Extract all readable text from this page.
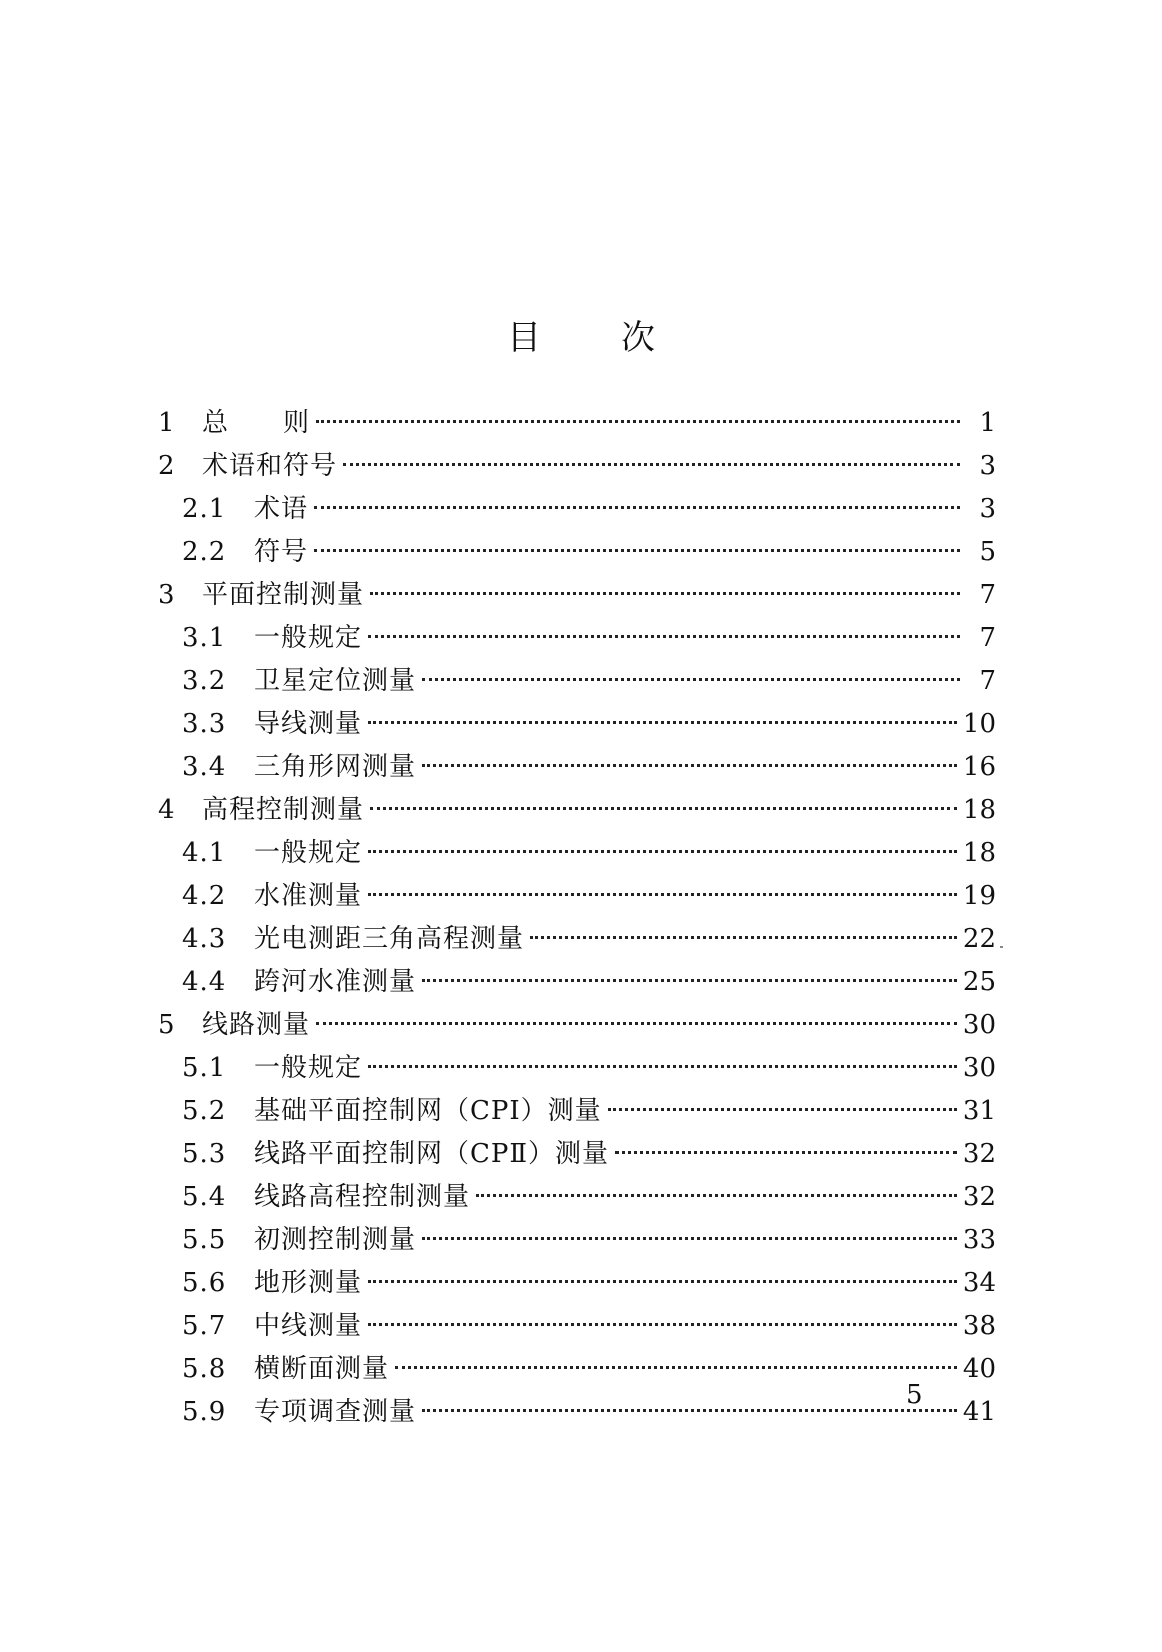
目次
1	总　　则	1
2	术语和符号	3
2.1	术语	3
2.2	符号	5
3	平面控制测量	7
3.1	一般规定	7
3.2	卫星定位测量	7
3.3	导线测量	10
3.4	三角形网测量	16
4	高程控制测量	18
4.1	一般规定	18
4.2	水准测量	19
4.3	光电测距三角高程测量	22
4.4	跨河水准测量	25
5	线路测量	30
5.1	一般规定	30
5.2	基础平面控制网（CPⅠ）测量	31
5.3	线路平面控制网（CPⅡ）测量	32
5.4	线路高程控制测量	32
5.5	初测控制测量	33
5.6	地形测量	34
5.7	中线测量	38
5.8	横断面测量	40
5.9	专项调查测量	41
5
